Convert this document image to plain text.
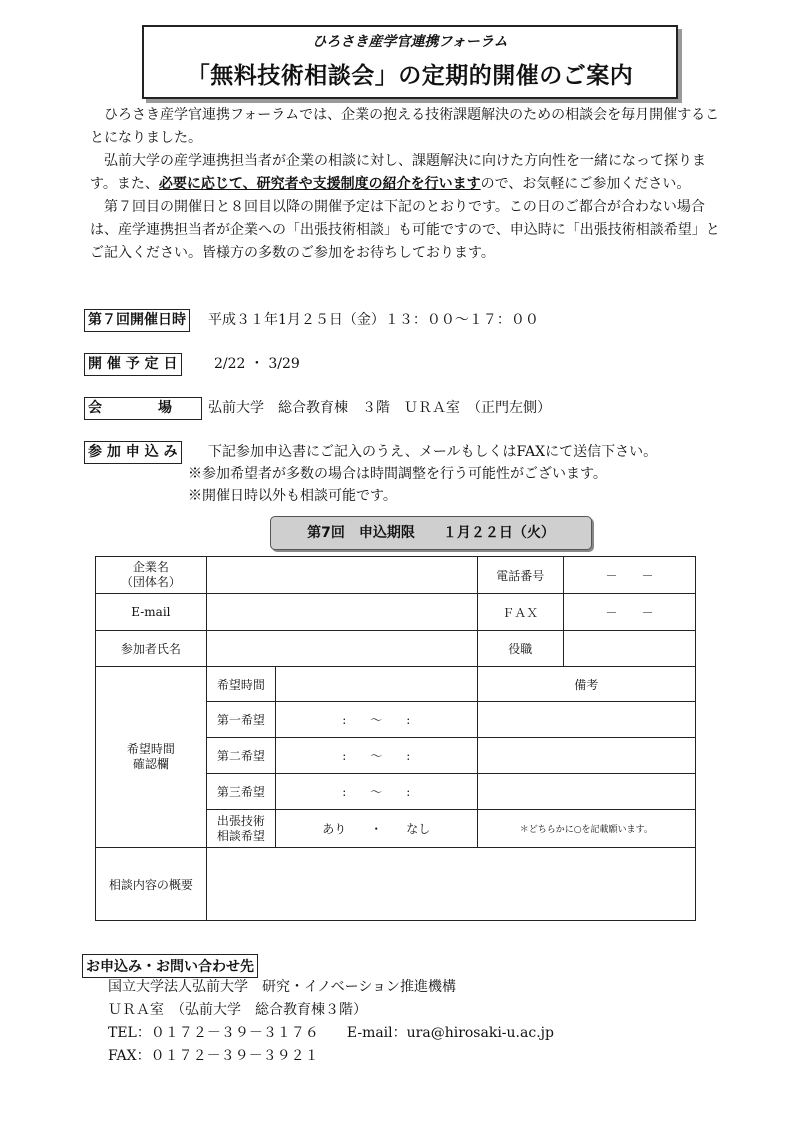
ひろさき産学官連携フォーラム
「無料技術相談会」の定期的開催のご案内

ひろさき産学官連携フォーラムでは、企業の抱える技術課題解決のための相談会を毎月開催することになりました。

弘前大学の産学連携担当者が企業の相談に対し、課題解決に向けた方向性を一緒になって探ります。また、必要に応じて、研究者や支援制度の紹介を行いますので、お気軽にご参加ください。

第７回目の開催日と８回目以降の開催予定は下記のとおりです。この日のご都合が合わない場合は、産学連携担当者が企業への「出張技術相談」も可能ですので、申込時に「出張技術相談希望」とご記入ください。皆様方の多数のご参加をお待ちしております。

第７回開催日時 平成３１年1月２５日（金）１３：００～１７：００
開 催 予 定 日	2/22 ・ 3/29
会　　　　場	弘前大学　総合教育棟　３階　ＵＲＡ室　（正門左側）
参 加 申 込 み 下記参加申込書にご記入のうえ、メールもしくはFAXにて送信下さい。
※参加希望者が多数の場合は時間調整を行う可能性がございます。
※開催日時以外も相談可能です。
第7回　申込期限　　１月２２日（火）
企業名
（団体名）			電話番号	－　　－
E-mail			ＦＡＸ	－　　－
参加者氏名			役職	
希望時間
確認欄	希望時間		備考	
	第一希望	:　　〜　　:		
	第二希望	:　　〜　　:		
	第三希望	:　　〜　　:		
	出張技術
相談希望	あり　　・　　なし	＊どちらかに○を記載願います。	
相談内容の概要				
お申込み・お問い合わせ先
国立大学法人弘前大学　研究・イノベーション推進機構
ＵＲＡ室　（弘前大学　総合教育棟３階）
TEL：０１７２－３９－３１７６　　E-mail：ura@hirosaki-u.ac.jp
FAX：０１７２－３９－３９２１
